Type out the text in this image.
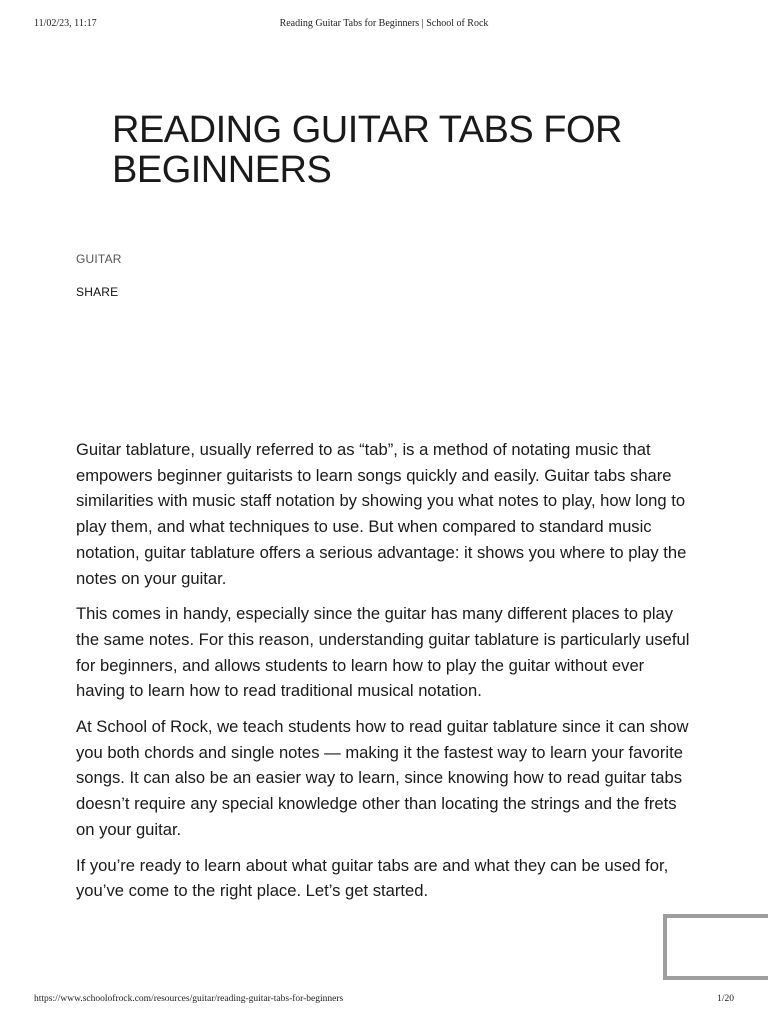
11/02/23, 11:17	Reading Guitar Tabs for Beginners | School of Rock
READING GUITAR TABS FOR BEGINNERS
GUITAR
SHARE

Guitar tablature, usually referred to as “tab”, is a method of notating music that empowers beginner guitarists to learn songs quickly and easily. Guitar tabs share similarities with music staff notation by showing you what notes to play, how long to play them, and what techniques to use. But when compared to standard music notation, guitar tablature offers a serious advantage: it shows you where to play the notes on your guitar.

This comes in handy, especially since the guitar has many different places to play the same notes. For this reason, understanding guitar tablature is particularly useful for beginners, and allows students to learn how to play the guitar without ever having to learn how to read traditional musical notation.

At School of Rock, we teach students how to read guitar tablature since it can show you both chords and single notes — making it the fastest way to learn your favorite songs. It can also be an easier way to learn, since knowing how to read guitar tabs doesn’t require any special knowledge other than locating the strings and the frets on your guitar.

If you’re ready to learn about what guitar tabs are and what they can be used for, you’ve come to the right place. Let’s get started.

https://www.schoolofrock.com/resources/guitar/reading-guitar-tabs-for-beginners	1/20
